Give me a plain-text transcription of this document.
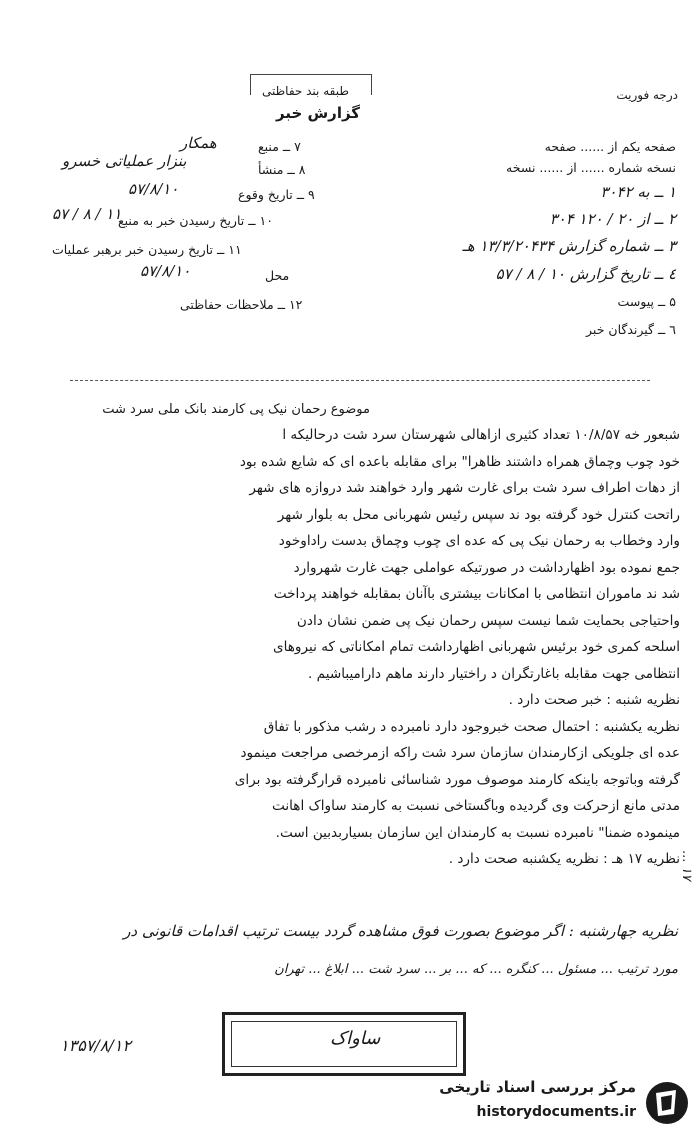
درجه فوریت
طبقه بند حفاظتی
گزارش خبر
صفحه یکم از ...... صفحه
نسخه شماره ...... از ...... نسخه
۱ ــ به ۳۰۴۲
۲ ــ از ۲۰ / ۱۲۰ ۳۰۴
۳ ــ شماره گزارش ۱۳/۳/۲۰۴۳۴ هـ
٤ ــ تاریخ گزارش ۱۰ / ۸ / ۵۷
۵ ــ پیوست
٦ ــ گیرندگان خبر
۷ ــ منبع
همکار
۸ ــ منشأ
بنزار عملیاتی خسرو
۹ ــ تاریخ وقوع
۵۷/۸/۱۰
۱۰ ــ تاریخ رسیدن خبر به منبع
۱۱ / ۸ / ۵۷
۱۱ ــ تاریخ رسیدن خبر برهبر عملیات
محل
۵۷/۸/۱۰
۱۲ ــ ملاحظات حفاظتی
موضوع رحمان نیک پی کارمند بانک ملی سرد شت
شبعور خه ۱۰/۸/۵۷ تعداد کثیری ازاهالی شهرستان سرد شت درحالیکه ا
خود چوب وچماق همراه داشتند ظاهرا" برای مقابله باعده ای که شایع شده بود
از دهات اطراف سرد شت برای غارت شهر وارد خواهند شد دروازه های شهر
راتحت کنترل خود گرفته بود ند سپس رئیس شهربانی محل به بلوار شهر
وارد وخطاب به رحمان نیک پی که عده ای چوب وچماق بدست راداوخود
جمع نموده بود اظهارداشت در صورتیکه عواملی جهت غارت شهروارد
شد ند ماموران انتظامی با امکانات بیشتری باآنان بمقابله خواهند پرداخت
واحتیاجی بحمایت شما نیست سپس رحمان نیک پی ضمن نشان دادن
اسلحه کمری خود برئیس شهربانی اظهارداشت تمام امکاناتی که نیروهای
انتظامی جهت مقابله باغارتگران د راختیار دارند ماهم داراميباشيم .
نظریه شنبه : خبر صحت دارد .
نظریه یکشنبه : احتمال صحت خبروجود دارد نامبرده د رشب مذکور با تفاق
عده ای جلویکی ازکارمندان سازمان سرد شت راکه ازمرخصی مراجعت مینمود
گرفته وباتوجه باینکه کارمند موصوف مورد شناسائی نامبرده قرارگرفته بود برای
مدتی مانع ازحرکت وی گردیده وباگستاخی نسبت به کارمند ساواک اهانت
مینموده ضمنا" نامبرده نسبت به کارمندان این سازمان بسیاربدبین است.
نظریه ۱۷ هـ : نظریه یکشنبه صحت دارد . ۱۷ ...
نظریه جهارشنبه : اگر موضوع بصورت فوق مشاهده گردد بیست ترتیب اقدامات قانونی در
مورد ترتیب ... مسئول ... کنگره ... که ... بر ... سرد شت ... ابلاغ ... تهران
ساواک
۱۳۵۷/۸/۱۲
مرکز بررسی اسناد تاریخی
historydocuments.ir
